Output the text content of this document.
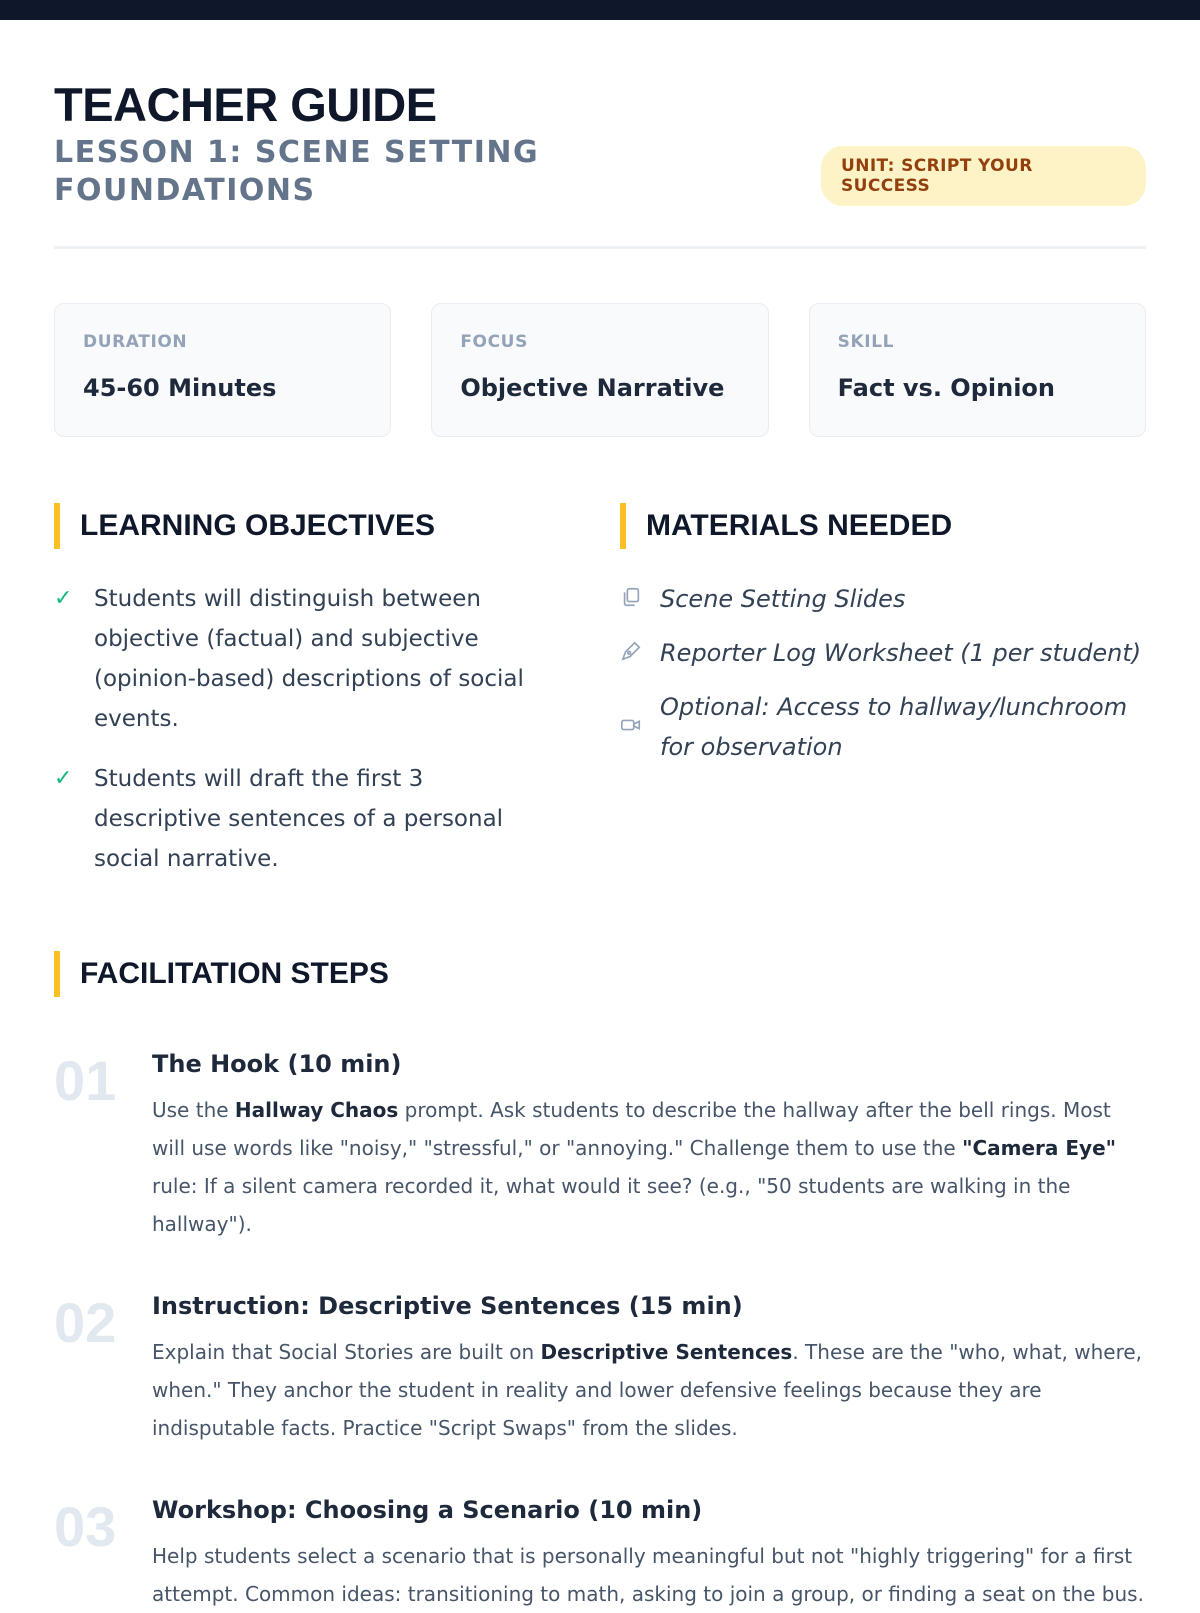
TEACHER GUIDE
LESSON 1: SCENE SETTING FOUNDATIONS
UNIT: SCRIPT YOUR SUCCESS
DURATION
45-60 Minutes
FOCUS
Objective Narrative
SKILL
Fact vs. Opinion
LEARNING OBJECTIVES
✓ Students will distinguish between objective (factual) and subjective (opinion-based) descriptions of social events.
✓ Students will draft the first 3 descriptive sentences of a personal social narrative.
MATERIALS NEEDED
Scene Setting Slides
Reporter Log Worksheet (1 per student)
Optional: Access to hallway/lunchroom for observation
FACILITATION STEPS
01	The Hook (10 min)
Use the Hallway Chaos prompt. Ask students to describe the hallway after the bell rings. Most will use words like "noisy," "stressful," or "annoying." Challenge them to use the "Camera Eye" rule: If a silent camera recorded it, what would it see? (e.g., "50 students are walking in the hallway").
02	Instruction: Descriptive Sentences (15 min)
Explain that Social Stories are built on Descriptive Sentences. These are the "who, what, where, when." They anchor the student in reality and lower defensive feelings because they are indisputable facts. Practice "Script Swaps" from the slides.
03	Workshop: Choosing a Scenario (10 min)
Help students select a scenario that is personally meaningful but not "highly triggering" for a first attempt. Common ideas: transitioning to math, asking to join a group, or finding a seat on the bus.
